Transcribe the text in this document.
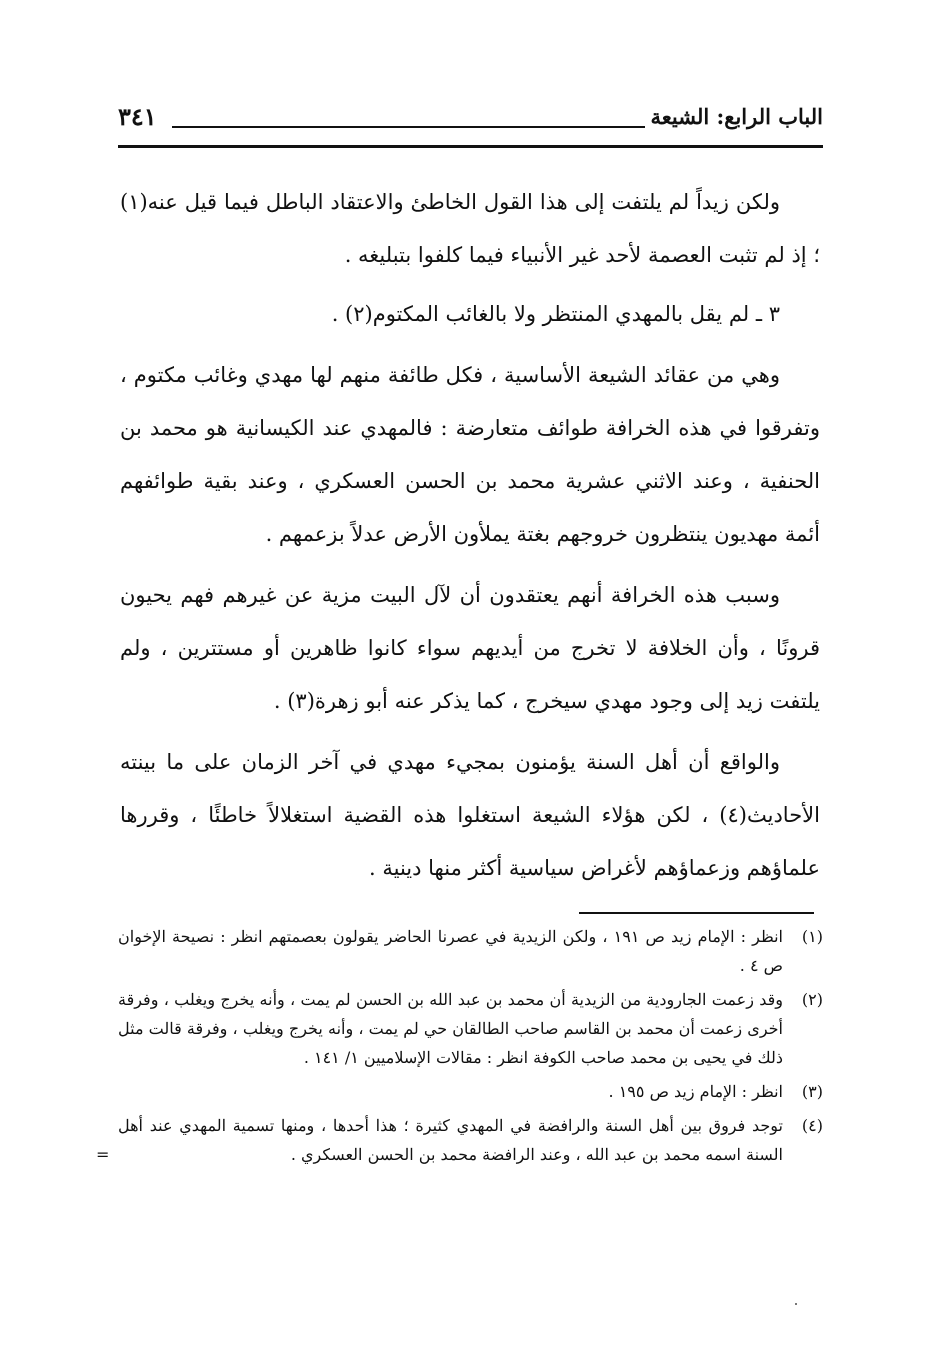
الباب الرابع: الشيعة
٣٤١

ولكن زيداً لم يلتفت إلى هذا القول الخاطئ والاعتقاد الباطل فيما قيل عنه(١) ؛ إذ لم تثبت العصمة لأحد غير الأنبياء فيما كلفوا بتبليغه .

٣ ـ لم يقل بالمهدي المنتظر ولا بالغائب المكتوم(٢) .

وهي من عقائد الشيعة الأساسية ، فكل طائفة منهم لها مهدي وغائب مكتوم ، وتفرقوا في هذه الخرافة طوائف متعارضة : فالمهدي عند الكيسانية هو محمد بن الحنفية ، وعند الاثني عشرية محمد بن الحسن العسكري ، وعند بقية طوائفهم أئمة مهديون ينتظرون خروجهم بغتة يملأون الأرض عدلاً بزعمهم .

وسبب هذه الخرافة أنهم يعتقدون أن لآل البيت مزية عن غيرهم فهم يحيون قرونًا ، وأن الخلافة لا تخرج من أيديهم سواء كانوا ظاهرين أو مستترين ، ولم يلتفت زيد إلى وجود مهدي سيخرج ، كما يذكر عنه أبو زهرة(٣) .

والواقع أن أهل السنة يؤمنون بمجيء مهدي في آخر الزمان على ما بينته الأحاديث(٤) ، لكن هؤلاء الشيعة استغلوا هذه القضية استغلالاً خاطئًا ، وقررها علماؤهم وزعماؤهم لأغراض سياسية أكثر منها دينية .

(١)
انظر : الإمام زيد ص ١٩١ ، ولكن الزيدية في عصرنا الحاضر يقولون بعصمتهم انظر : نصيحة الإخوان ص ٤ .
(٢)
وقد زعمت الجارودية من الزيدية أن محمد بن عبد الله بن الحسن لم يمت ، وأنه يخرج ويغلب ، وفرقة أخرى زعمت أن محمد بن القاسم صاحب الطالقان حي لم يمت ، وأنه يخرج ويغلب ، وفرقة قالت مثل ذلك في يحيى بن محمد صاحب الكوفة انظر : مقالات الإسلاميين ١/ ١٤١ .
(٣)
انظر : الإمام زيد ص ١٩٥ .
(٤)
توجد فروق بين أهل السنة والرافضة في المهدي كثيرة ؛ هذا أحدها ، ومنها تسمية المهدي عند أهل السنة اسمه محمد بن عبد الله ، وعند الرافضة محمد بن الحسن العسكري .
=
